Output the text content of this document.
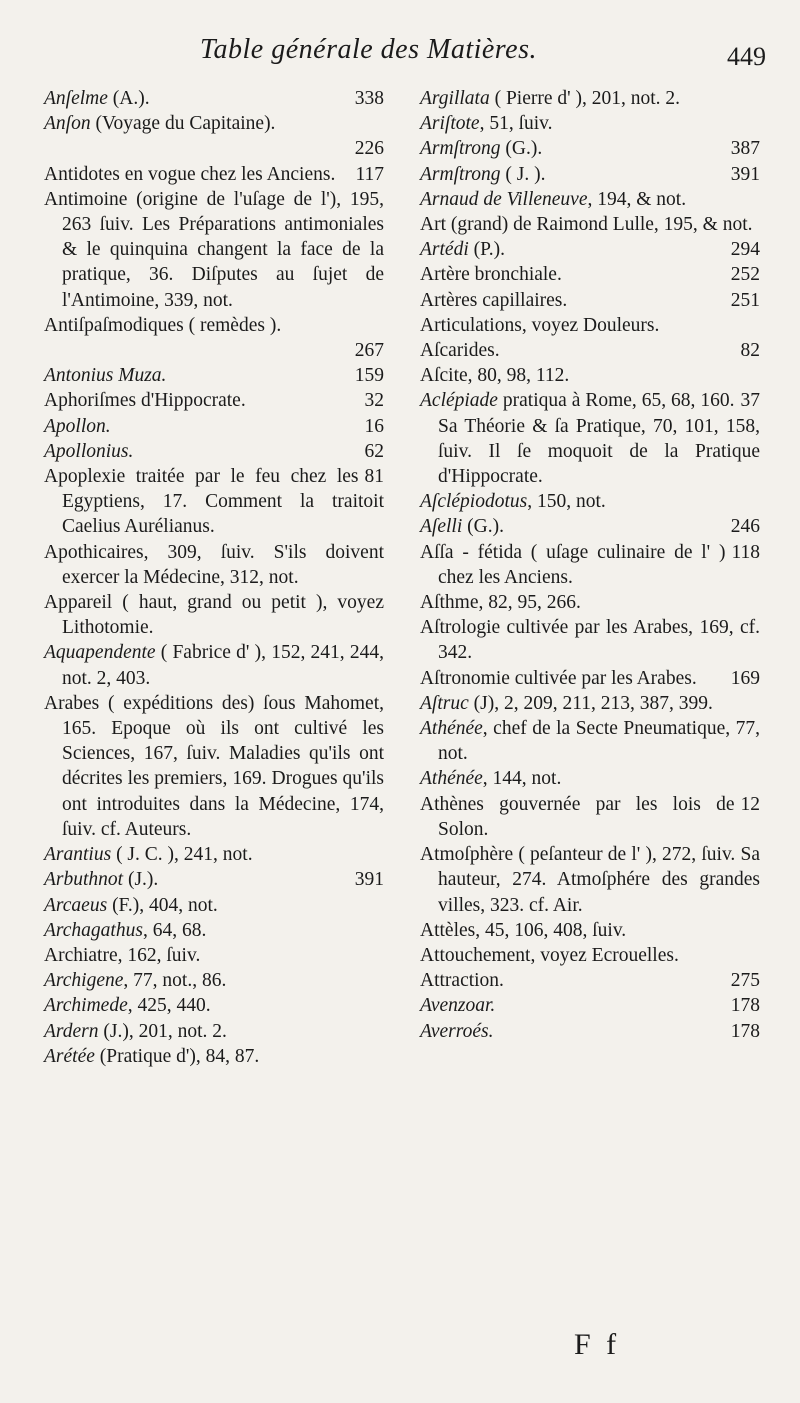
Table générale des Matières.	449
338
Anſelme (A.).
Anſon (Voyage du Capitaine).
226
117
Antidotes en vogue chez les Anciens.
Antimoine (origine de l'uſage de l'), 195, 263 ſuiv. Les Préparations antimoniales & le quinquina changent la face de la pratique, 36. Diſputes au ſujet de l'Antimoine, 339, not.
Antiſpaſmodiques ( remèdes ).
267
159
Antonius Muza.
32
Aphoriſmes d'Hippocrate.
16
Apollon.
62
Apollonius.
81
Apoplexie traitée par le feu chez les Egyptiens, 17. Comment la traitoit Caelius Aurélianus.
Apothicaires, 309, ſuiv. S'ils doivent exercer la Médecine, 312, not.
Appareil ( haut, grand ou petit ), voyez Lithotomie.
Aquapendente ( Fabrice d' ), 152, 241, 244, not. 2, 403.
Arabes ( expéditions des) ſous Mahomet, 165. Epoque où ils ont cultivé les Sciences, 167, ſuiv. Maladies qu'ils ont décrites les premiers, 169. Drogues qu'ils ont introduites dans la Médecine, 174, ſuiv. cf. Auteurs.
Arantius ( J. C. ), 241, not.
391
Arbuthnot (J.).
Arcaeus (F.), 404, not.
Archagathus, 64, 68.
Archiatre, 162, ſuiv.
Archigene, 77, not., 86.
Archimede, 425, 440.
Ardern (J.), 201, not. 2.
Arétée (Pratique d'), 84, 87.
Argillata ( Pierre d' ), 201, not. 2.
Ariſtote, 51, ſuiv.
387
Armſtrong (G.).
391
Armſtrong ( J. ).
Arnaud de Villeneuve, 194, & not.
Art (grand) de Raimond Lulle, 195, & not.
294
Artédi (P.).
252
Artère bronchiale.
251
Artères capillaires.
Articulations, voyez Douleurs.
82
Aſcarides.
Aſcite, 80, 98, 112.
37
Aclépiade pratiqua à Rome, 65, 68, 160. Sa Théorie & ſa Pratique, 70, 101, 158, ſuiv. Il ſe moquoit de la Pratique d'Hippocrate.
Aſclépiodotus, 150, not.
246
Aſelli (G.).
118
Aſſa - fétida ( uſage culinaire de l' ) chez les Anciens.
Aſthme, 82, 95, 266.
Aſtrologie cultivée par les Arabes, 169, cf. 342.
169
Aſtronomie cultivée par les Arabes.
Aſtruc (J), 2, 209, 211, 213, 387, 399.
Athénée, chef de la Secte Pneumatique, 77, not.
Athénée, 144, not.
12
Athènes gouvernée par les lois de Solon.
Atmoſphère ( peſanteur de l' ), 272, ſuiv. Sa hauteur, 274. Atmoſphére des grandes villes, 323. cf. Air.
Attèles, 45, 106, 408, ſuiv.
Attouchement, voyez Ecrouelles.
275
Attraction.
178
Avenzoar.
178
Averroés.
F f
